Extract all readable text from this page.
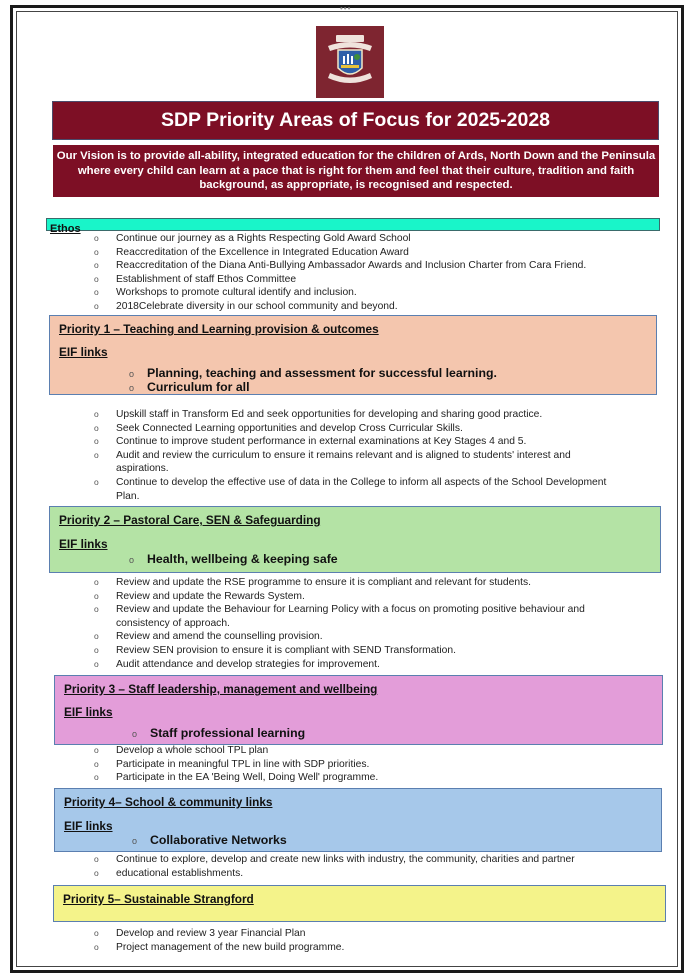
•••
SDP Priority Areas of Focus for 2025-2028
Our Vision is to provide all-ability, integrated education for the children of Ards, North Down and the Peninsula where every child can learn at a pace that is right for them and feel that their culture, tradition and faith background, as appropriate, is recognised and respected.
Ethos
o Continue our journey as a Rights Respecting Gold Award School
o Reaccreditation of the Excellence in Integrated Education Award
o Reaccreditation of the Diana Anti-Bullying Ambassador Awards and Inclusion Charter from Cara Friend.
o Establishment of staff Ethos Committee
o Workshops to promote cultural identify and inclusion.
o 2018Celebrate diversity in our school community and beyond.
Priority 1 – Teaching and Learning provision & outcomes
EIF links
o Planning, teaching and assessment for successful learning.
o Curriculum for all
o Upskill staff in Transform Ed and seek opportunities for developing and sharing good practice.
o Seek Connected Learning opportunities and develop Cross Curricular Skills.
o Continue to improve student performance in external examinations at Key Stages 4 and 5.
o Audit and review the curriculum to ensure it remains relevant and is aligned to students' interest and aspirations.
o Continue to develop the effective use of data in the College to inform all aspects of the School Development Plan.
Priority 2 – Pastoral Care, SEN & Safeguarding
EIF links
o Health, wellbeing & keeping safe
o Review and update the RSE programme to ensure it is compliant and relevant for students.
o Review and update the Rewards System.
o Review and update the Behaviour for Learning Policy with a focus on promoting positive behaviour and consistency of approach.
o Review and amend the counselling provision.
o Review SEN provision to ensure it is compliant with SEND Transformation.
o Audit attendance and develop strategies for improvement.
Priority 3 – Staff leadership, management and wellbeing
EIF links
o Staff professional learning
o Develop a whole school TPL plan
o Participate in meaningful TPL in line with SDP priorities.
o Participate in the EA 'Being Well, Doing Well' programme.
Priority 4– School & community links
EIF links
o Collaborative Networks
o Continue to explore, develop and create new links with industry, the community, charities and partner
o educational establishments.
Priority 5– Sustainable Strangford
o Develop and review 3 year Financial Plan
o Project management of the new build programme.
